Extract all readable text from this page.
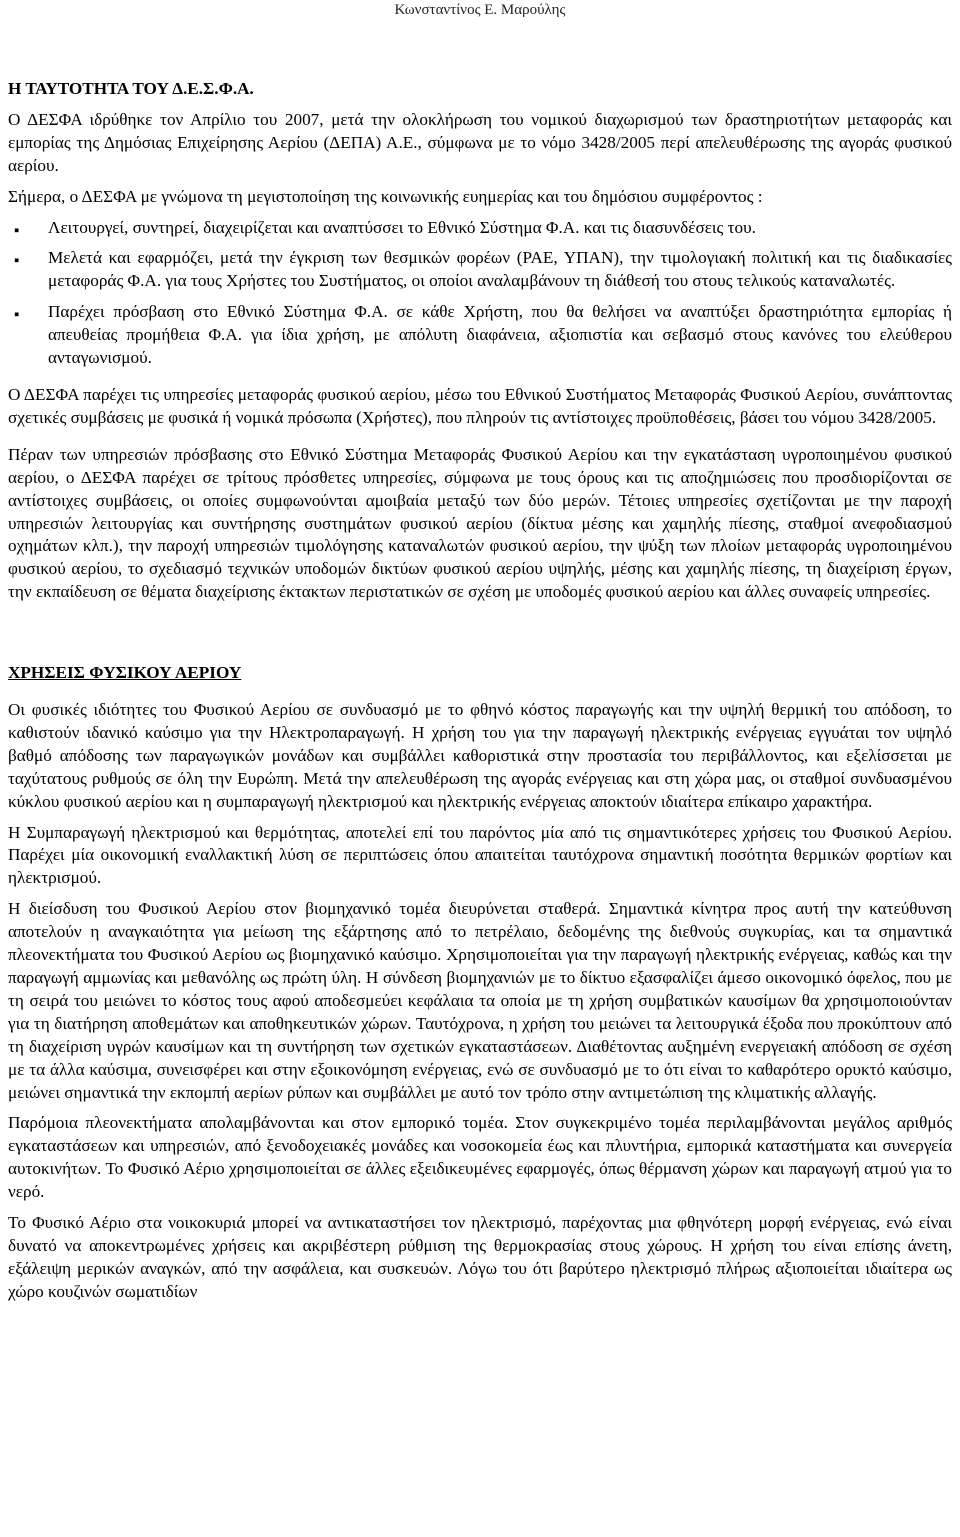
Κωνσταντίνος Ε. Μαρούλης

Η ΤΑΥΤΟΤΗΤΑ ΤΟΥ Δ.Ε.Σ.Φ.Α.

Ο ΔΕΣΦΑ ιδρύθηκε τον Απρίλιο του 2007, μετά την ολοκλήρωση του νομικού διαχωρισμού των δραστηριοτήτων μεταφοράς και εμπορίας της Δημόσιας Επιχείρησης Αερίου (ΔΕΠΑ) Α.Ε., σύμφωνα με το νόμο 3428/2005 περί απελευθέρωσης της αγοράς φυσικού αερίου.

Σήμερα, ο ΔΕΣΦΑ με γνώμονα τη μεγιστοποίηση της κοινωνικής ευημερίας και του δημόσιου συμφέροντος :

▪ Λειτουργεί, συντηρεί, διαχειρίζεται και αναπτύσσει το Εθνικό Σύστημα Φ.Α. και τις διασυνδέσεις του.
▪ Μελετά και εφαρμόζει, μετά την έγκριση των θεσμικών φορέων (ΡΑΕ, ΥΠΑΝ), την τιμολογιακή πολιτική και τις διαδικασίες μεταφοράς Φ.Α. για τους Χρήστες του Συστήματος, οι οποίοι αναλαμβάνουν τη διάθεσή του στους τελικούς καταναλωτές.
▪ Παρέχει πρόσβαση στο Εθνικό Σύστημα Φ.Α. σε κάθε Χρήστη, που θα θελήσει να αναπτύξει δραστηριότητα εμπορίας ή απευθείας προμήθεια Φ.Α. για ίδια χρήση, με απόλυτη διαφάνεια, αξιοπιστία και σεβασμό στους κανόνες του ελεύθερου ανταγωνισμού.

Ο ΔΕΣΦΑ παρέχει τις υπηρεσίες μεταφοράς φυσικού αερίου, μέσω του Εθνικού Συστήματος Μεταφοράς Φυσικού Αερίου, συνάπτοντας σχετικές συμβάσεις με φυσικά ή νομικά πρόσωπα (Χρήστες), που πληρούν τις αντίστοιχες προϋποθέσεις, βάσει του νόμου 3428/2005.

Πέραν των υπηρεσιών πρόσβασης στο Εθνικό Σύστημα Μεταφοράς Φυσικού Αερίου και την εγκατάσταση υγροποιημένου φυσικού αερίου, ο ΔΕΣΦΑ παρέχει σε τρίτους πρόσθετες υπηρεσίες, σύμφωνα με τους όρους και τις αποζημιώσεις που προσδιορίζονται σε αντίστοιχες συμβάσεις, οι οποίες συμφωνούνται αμοιβαία μεταξύ των δύο μερών. Τέτοιες υπηρεσίες σχετίζονται με την παροχή υπηρεσιών λειτουργίας και συντήρησης συστημάτων φυσικού αερίου (δίκτυα μέσης και χαμηλής πίεσης, σταθμοί ανεφοδιασμού οχημάτων κλπ.), την παροχή υπηρεσιών τιμολόγησης καταναλωτών φυσικού αερίου, την ψύξη των πλοίων μεταφοράς υγροποιημένου φυσικού αερίου, το σχεδιασμό τεχνικών υποδομών δικτύων φυσικού αερίου υψηλής, μέσης και χαμηλής πίεσης, τη διαχείριση έργων, την εκπαίδευση σε θέματα διαχείρισης έκτακτων περιστατικών σε σχέση με υποδομές φυσικού αερίου και άλλες συναφείς υπηρεσίες.

ΧΡΗΣΕΙΣ ΦΥΣΙΚΟΥ ΑΕΡΙΟΥ

Οι φυσικές ιδιότητες του Φυσικού Αερίου σε συνδυασμό με το φθηνό κόστος παραγωγής και την υψηλή θερμική του απόδοση, το καθιστούν ιδανικό καύσιμο για την Ηλεκτροπαραγωγή. Η χρήση του για την παραγωγή ηλεκτρικής ενέργειας εγγυάται τον υψηλό βαθμό απόδοσης των παραγωγικών μονάδων και συμβάλλει καθοριστικά στην προστασία του περιβάλλοντος, και εξελίσσεται με ταχύτατους ρυθμούς σε όλη την Ευρώπη. Μετά την απελευθέρωση της αγοράς ενέργειας και στη χώρα μας, οι σταθμοί συνδυασμένου κύκλου φυσικού αερίου και η συμπαραγωγή ηλεκτρισμού και ηλεκτρικής ενέργειας αποκτούν ιδιαίτερα επίκαιρο χαρακτήρα.

Η Συμπαραγωγή ηλεκτρισμού και θερμότητας, αποτελεί επί του παρόντος μία από τις σημαντικότερες χρήσεις του Φυσικού Αερίου. Παρέχει μία οικονομική εναλλακτική λύση σε περιπτώσεις όπου απαιτείται ταυτόχρονα σημαντική ποσότητα θερμικών φορτίων και ηλεκτρισμού.

Η διείσδυση του Φυσικού Αερίου στον βιομηχανικό τομέα διευρύνεται σταθερά. Σημαντικά κίνητρα προς αυτή την κατεύθυνση αποτελούν η αναγκαιότητα για μείωση της εξάρτησης από το πετρέλαιο, δεδομένης της διεθνούς συγκυρίας, και τα σημαντικά πλεονεκτήματα του Φυσικού Αερίου ως βιομηχανικό καύσιμο. Χρησιμοποιείται για την παραγωγή ηλεκτρικής ενέργειας, καθώς και την παραγωγή αμμωνίας και μεθανόλης ως πρώτη ύλη. Η σύνδεση βιομηχανιών με το δίκτυο εξασφαλίζει άμεσο οικονομικό όφελος, που με τη σειρά του μειώνει το κόστος τους αφού αποδεσμεύει κεφάλαια τα οποία με τη χρήση συμβατικών καυσίμων θα χρησιμοποιούνταν για τη διατήρηση αποθεμάτων και αποθηκευτικών χώρων. Ταυτόχρονα, η χρήση του μειώνει τα λειτουργικά έξοδα που προκύπτουν από τη διαχείριση υγρών καυσίμων και τη συντήρηση των σχετικών εγκαταστάσεων. Διαθέτοντας αυξημένη ενεργειακή απόδοση σε σχέση με τα άλλα καύσιμα, συνεισφέρει και στην εξοικονόμηση ενέργειας, ενώ σε συνδυασμό με το ότι είναι το καθαρότερο ορυκτό καύσιμο, μειώνει σημαντικά την εκπομπή αερίων ρύπων και συμβάλλει με αυτό τον τρόπο στην αντιμετώπιση της κλιματικής αλλαγής.

Παρόμοια πλεονεκτήματα απολαμβάνονται και στον εμπορικό τομέα. Στον συγκεκριμένο τομέα περιλαμβάνονται μεγάλος αριθμός εγκαταστάσεων και υπηρεσιών, από ξενοδοχειακές μονάδες και νοσοκομεία έως και πλυντήρια, εμπορικά καταστήματα και συνεργεία αυτοκινήτων. Το Φυσικό Αέριο χρησιμοποιείται σε άλλες εξειδικευμένες εφαρμογές, όπως θέρμανση χώρων και παραγωγή ατμού για το νερό.

Το Φυσικό Αέριο στα νοικοκυριά μπορεί να αντικαταστήσει τον ηλεκτρισμό, παρέχοντας μια φθηνότερη μορφή ενέργειας, ενώ είναι δυνατό να αποκεντρωμένες χρήσεις και ακριβέστερη ρύθμιση της θερμοκρασίας στους χώρους. Η χρήση του είναι επίσης άνετη, εξάλειψη μερικών αναγκών, από την ασφάλεια, και συσκευών. Λόγω του ότι βαρύτερο ηλεκτρισμό πλήρως αξιοποιείται ιδιαίτερα ως χώρο κουζινών σωματιδίων
